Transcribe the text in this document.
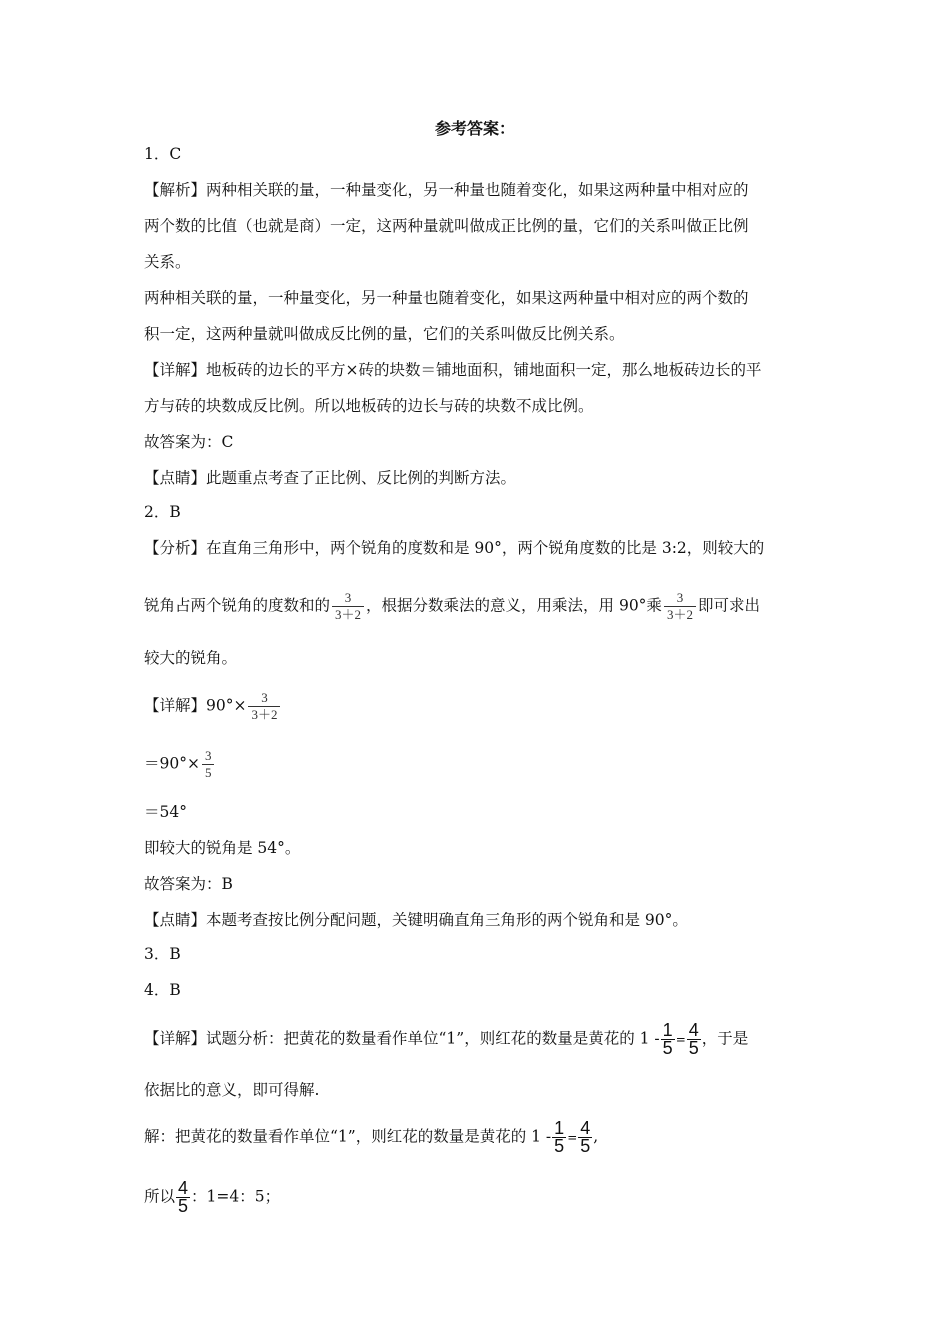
参考答案：
1．C
【解析】两种相关联的量，一种量变化，另一种量也随着变化，如果这两种量中相对应的
两个数的比值（也就是商）一定，这两种量就叫做成正比例的量，它们的关系叫做正比例
关系。
两种相关联的量，一种量变化，另一种量也随着变化，如果这两种量中相对应的两个数的
积一定，这两种量就叫做成反比例的量，它们的关系叫做反比例关系。
【详解】地板砖的边长的平方×砖的块数＝铺地面积，铺地面积一定，那么地板砖边长的平
方与砖的块数成反比例。所以地板砖的边长与砖的块数不成比例。
故答案为：C
【点睛】此题重点考查了正比例、反比例的判断方法。
2．B
【分析】在直角三角形中，两个锐角的度数和是 90°，两个锐角度数的比是 3:2，则较大的
锐角占两个锐角的度数和的 $\frac{3}{3+2}$ ，根据分数乘法的意义，用乘法，用 90°乘 $\frac{3}{3+2}$ 即可求出
较大的锐角。
【详解】$90^\circ\times \frac{3}{3+2}$
$=90^\circ\times \frac{3}{5}$
＝54°
即较大的锐角是 54°。
故答案为：B
【点睛】本题考查按比例分配问题，关键明确直角三角形的两个锐角和是 90°。
3．B
4．B
【详解】试题分析：把黄花的数量看作单位“1”，则红花的数量是黄花的 $1 - \frac{1}{5} = \frac{4}{5}$ ，于是
依据比的意义，即可得解.
解：把黄花的数量看作单位“1”，则红花的数量是黄花的 $1 - \frac{1}{5} = \frac{4}{5}$ ,
所以 $\frac{4}{5}$ ：1=4：5；
